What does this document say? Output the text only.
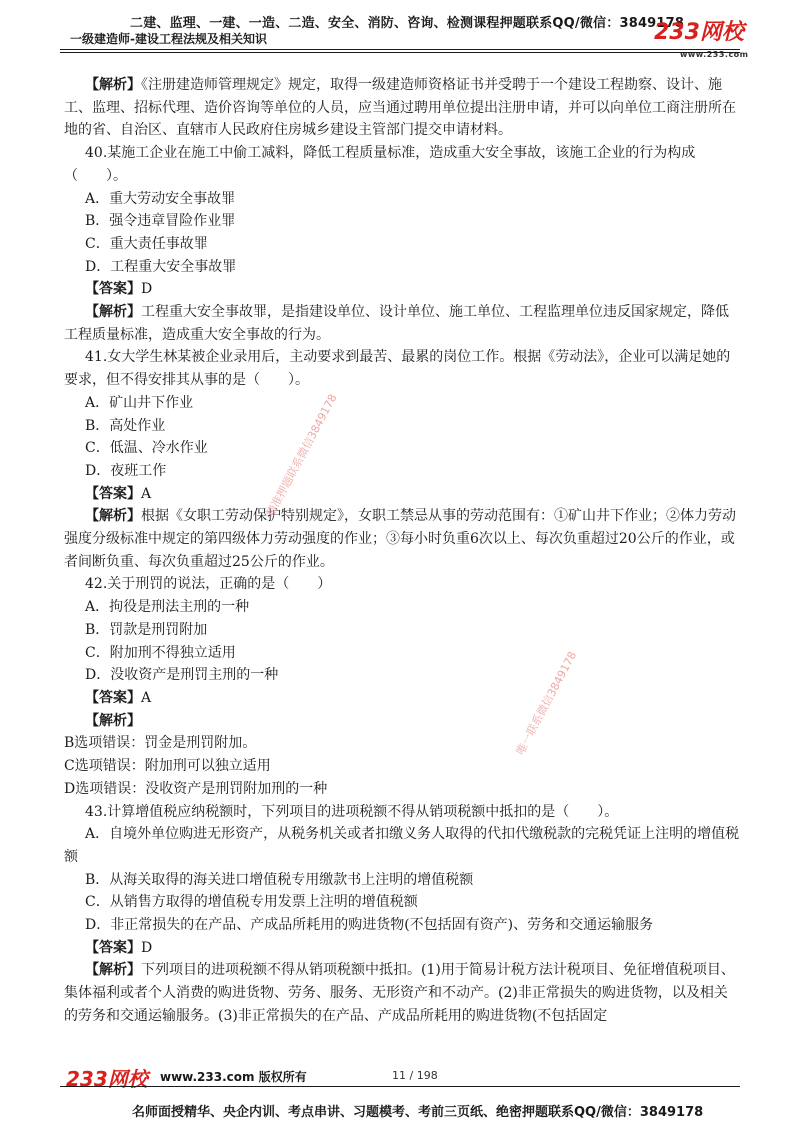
二建、监理、一建、一造、二造、安全、消防、咨询、检测课程押题联系QQ/微信：3849178
一级建造师-建设工程法规及相关知识	233网校
www.233.com

【解析】《注册建造师管理规定》规定，取得一级建造师资格证书并受聘于一个建设工程勘察、设计、施工、监理、招标代理、造价咨询等单位的人员，应当通过聘用单位提出注册申请，并可以向单位工商注册所在地的省、自治区、直辖市人民政府住房城乡建设主管部门提交申请材料。

40.某施工企业在施工中偷工减料，降低工程质量标准，造成重大安全事故，该施工企业的行为构成（　　）。

A．重大劳动安全事故罪

B．强令违章冒险作业罪

C．重大责任事故罪

D．工程重大安全事故罪

【答案】D

【解析】工程重大安全事故罪，是指建设单位、设计单位、施工单位、工程监理单位违反国家规定，降低工程质量标准，造成重大安全事故的行为。

41.女大学生林某被企业录用后，主动要求到最苦、最累的岗位工作。根据《劳动法》，企业可以满足她的要求，但不得安排其从事的是（　　）。

A．矿山井下作业

B．高处作业

C．低温、冷水作业

D．夜班工作

【答案】A

【解析】根据《女职工劳动保护特别规定》，女职工禁忌从事的劳动范围有：①矿山井下作业；②体力劳动强度分级标准中规定的第四级体力劳动强度的作业；③每小时负重6次以上、每次负重超过20公斤的作业，或者间断负重、每次负重超过25公斤的作业。

42.关于刑罚的说法，正确的是（　　）

A．拘役是刑法主刑的一种

B．罚款是刑罚附加

C．附加刑不得独立适用

D．没收资产是刑罚主刑的一种

【答案】A

【解析】

B选项错误：罚金是刑罚附加。

C选项错误：附加刑可以独立适用

D选项错误：没收资产是刑罚附加刑的一种

43.计算增值税应纳税额时，下列项目的进项税额不得从销项税额中抵扣的是（　　）。

A．自境外单位购进无形资产，从税务机关或者扣缴义务人取得的代扣代缴税款的完税凭证上注明的增值税额

B．从海关取得的海关进口增值税专用缴款书上注明的增值税额

C．从销售方取得的增值税专用发票上注明的增值税额

D．非正常损失的在产品、产成品所耗用的购进货物(不包括固有资产)、劳务和交通运输服务

【答案】D

【解析】下列项目的进项税额不得从销项税额中抵扣。(1)用于简易计税方法计税项目、免征增值税项目、集体福利或者个人消费的购进货物、劳务、服务、无形资产和不动产。(2)非正常损失的购进货物，以及相关的劳务和交通运输服务。(3)非正常损失的在产品、产成品所耗用的购进货物(不包括固定

精准押题联系微信3849178
唯一联系微信3849178
233网校 www.233.com 版权所有	11 / 198
名师面授精华、央企内训、考点串讲、习题模考、考前三页纸、绝密押题联系QQ/微信：3849178
